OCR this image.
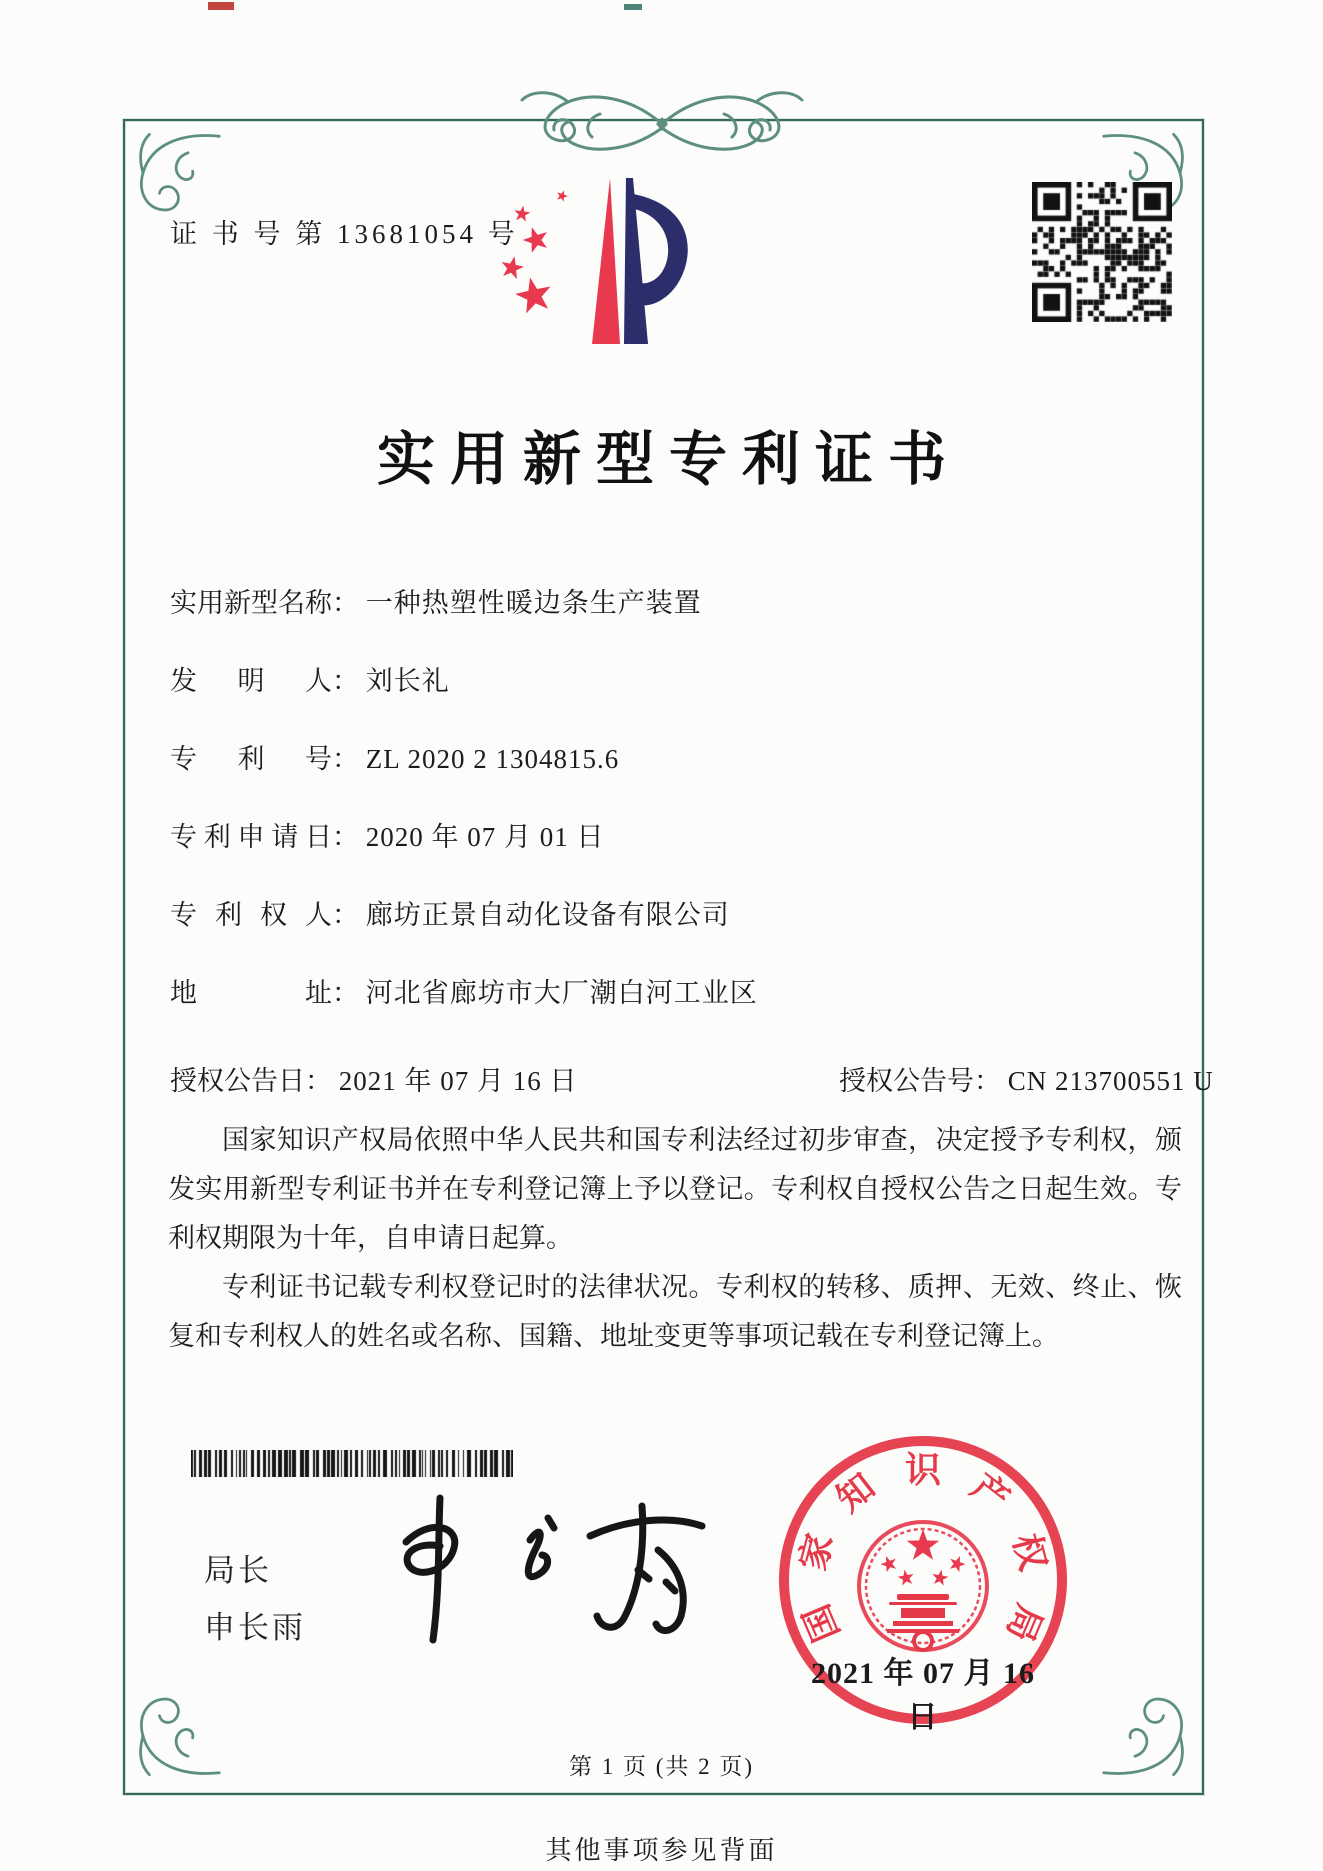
证 书 号 第 13681054 号
实用新型专利证书
实用新型名称： 一种热塑性暖边条生产装置
发明人： 刘长礼
专利号： ZL 2020 2 1304815.6
专利申请日： 2020 年 07 月 01 日
专利权人： 廊坊正景自动化设备有限公司
地址： 河北省廊坊市大厂潮白河工业区
授权公告日： 2021 年 07 月 16 日	授权公告号： CN 213700551 U

国家知识产权局依照中华人民共和国专利法经过初步审查，决定授予专利权，颁发实用新型专利证书并在专利登记簿上予以登记。专利权自授权公告之日起生效。专利权期限为十年，自申请日起算。

专利证书记载专利权登记时的法律状况。专利权的转移、质押、无效、终止、恢复和专利权人的姓名或名称、国籍、地址变更等事项记载在专利登记簿上。

局长
申长雨	国
家
知 识 产
权
局
2021 年 07 月 16 日
第 1 页 (共 2 页)
其他事项参见背面
